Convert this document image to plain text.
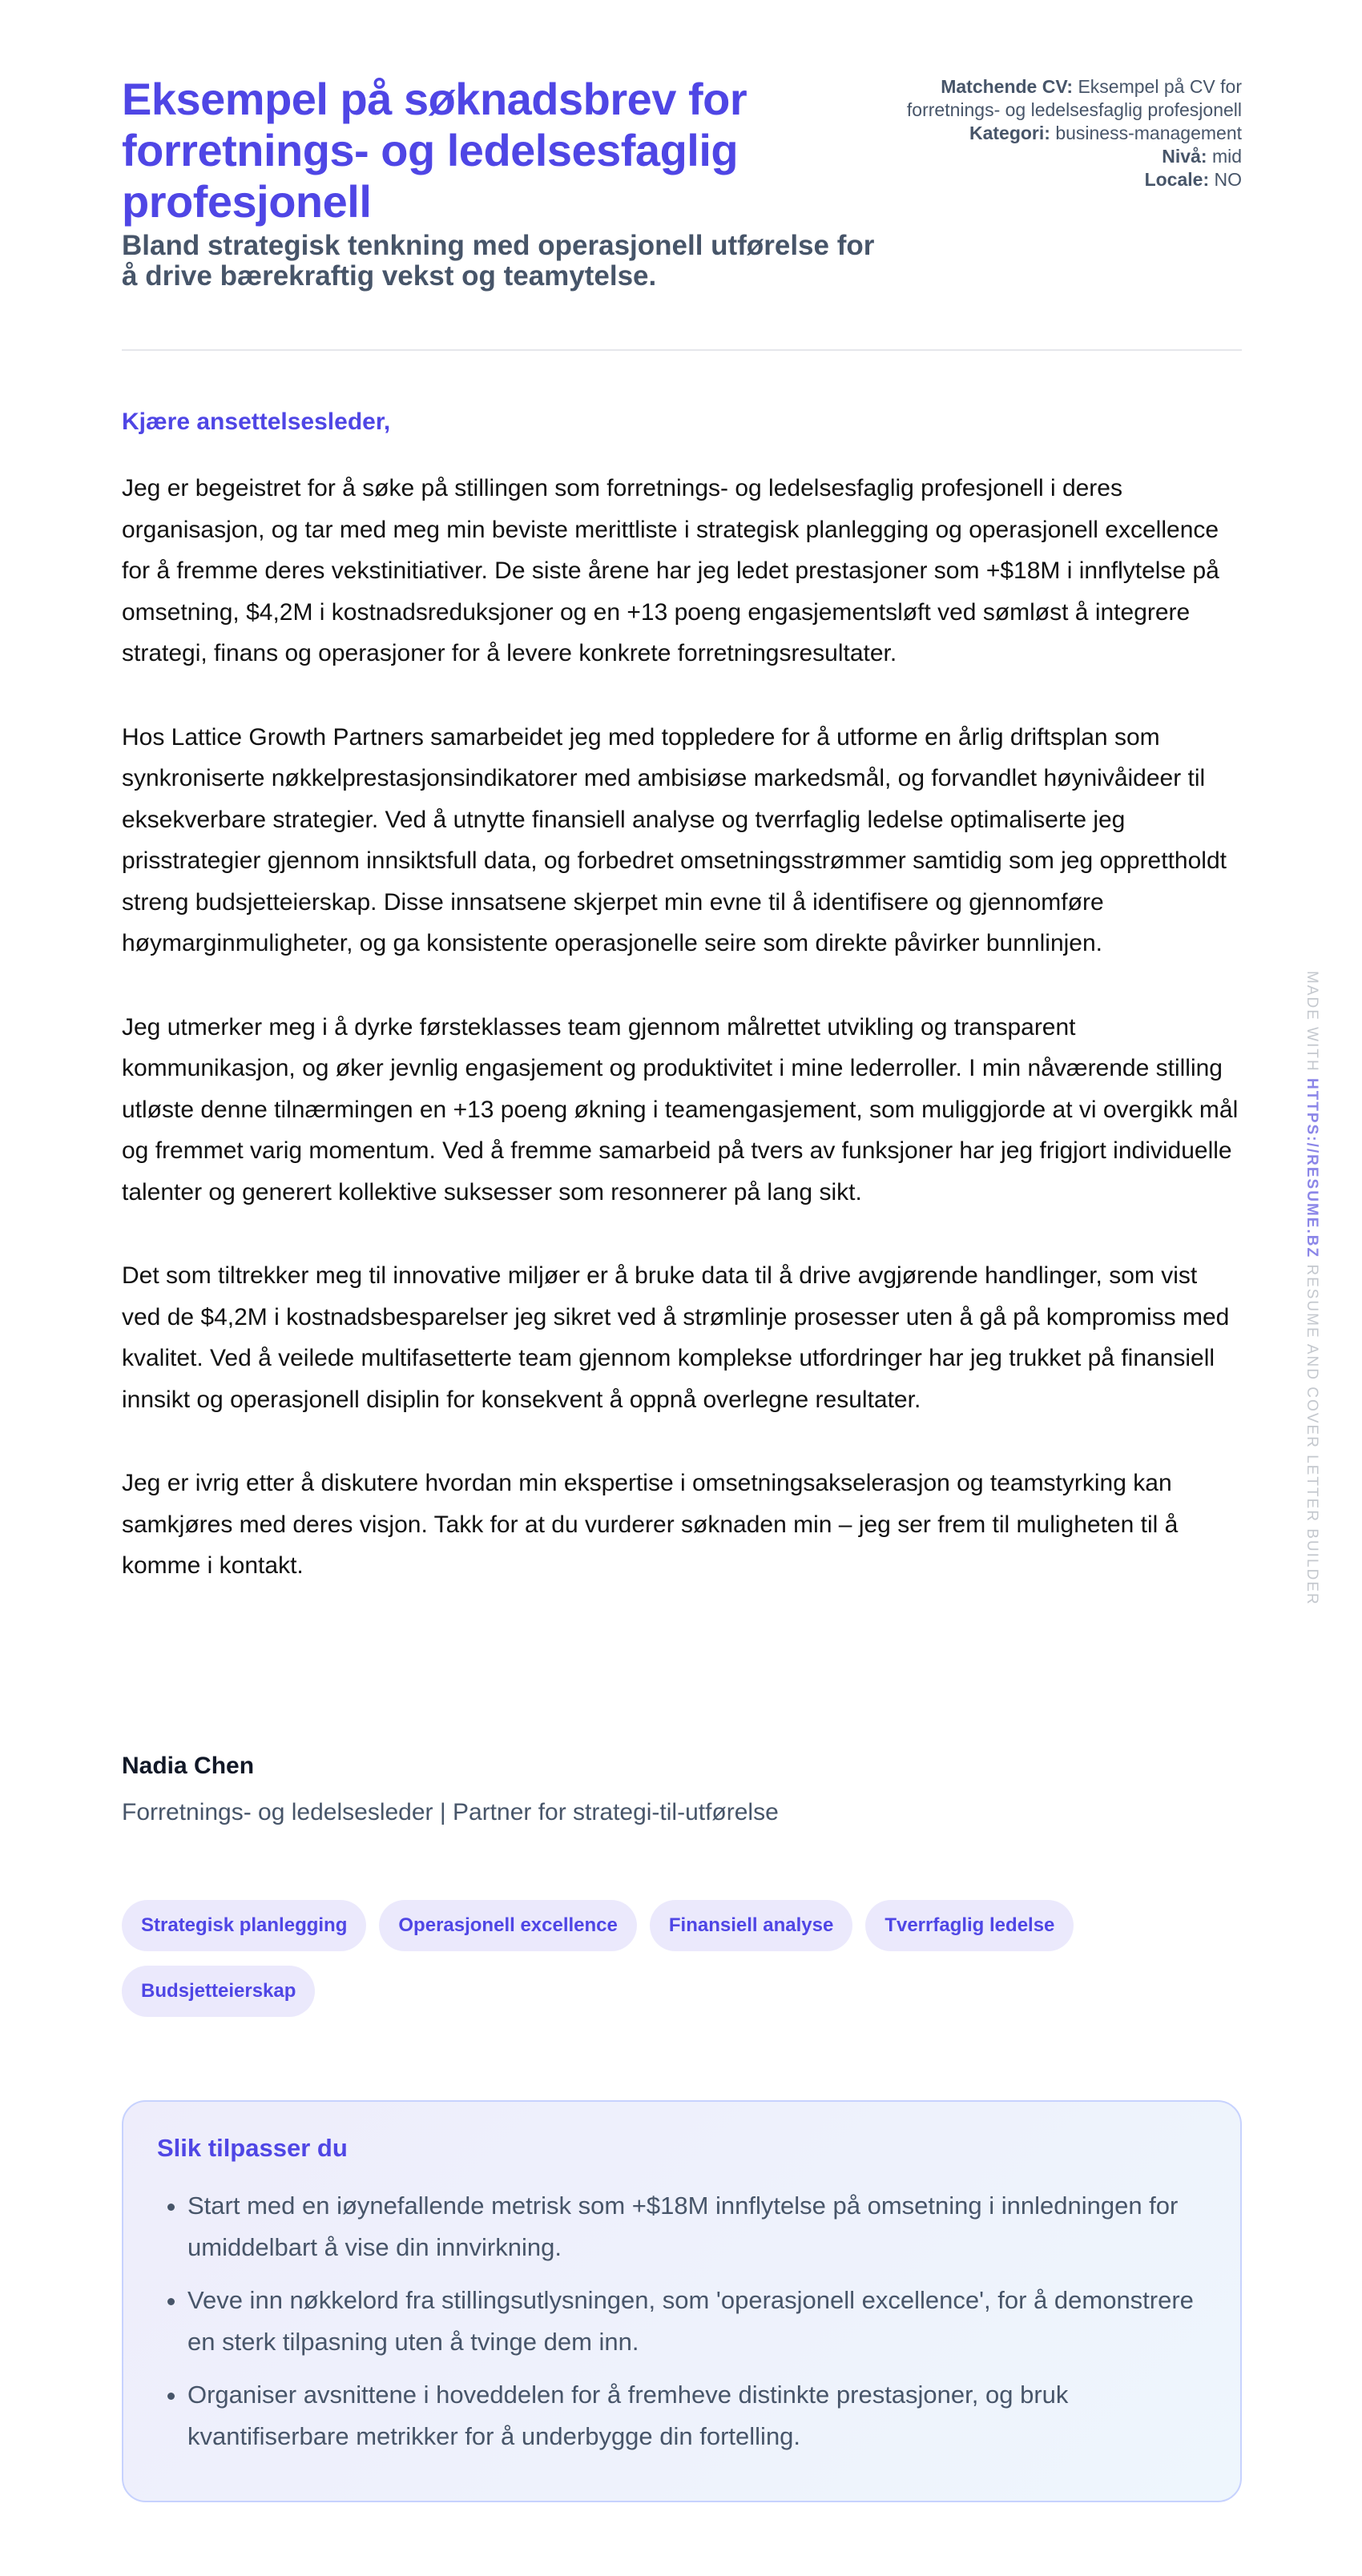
Eksempel på søknadsbrev for forretnings- og ledelsesfaglig profesjonell
Bland strategisk tenkning med operasjonell utførelse for å drive bærekraftig vekst og teamytelse.

Matchende CV: Eksempel på CV for forretnings- og ledelsesfaglig profesjonell

Kategori: business-management

Nivå: mid

Locale: NO

Kjære ansettelsesleder,

Jeg er begeistret for å søke på stillingen som forretnings- og ledelsesfaglig profesjonell i deres organisasjon, og tar med meg min beviste merittliste i strategisk planlegging og operasjonell excellence for å fremme deres vekstinitiativer. De siste årene har jeg ledet prestasjoner som +$18M i innflytelse på omsetning, $4,2M i kostnadsreduksjoner og en +13 poeng engasjementsløft ved sømløst å integrere strategi, finans og operasjoner for å levere konkrete forretningsresultater.

Hos Lattice Growth Partners samarbeidet jeg med toppledere for å utforme en årlig driftsplan som synkroniserte nøkkelprestasjonsindikatorer med ambisiøse markedsmål, og forvandlet høynivåideer til eksekverbare strategier. Ved å utnytte finansiell analyse og tverrfaglig ledelse optimaliserte jeg prisstrategier gjennom innsiktsfull data, og forbedret omsetningsstrømmer samtidig som jeg opprettholdt streng budsjetteierskap. Disse innsatsene skjerpet min evne til å identifisere og gjennomføre høymarginmuligheter, og ga konsistente operasjonelle seire som direkte påvirker bunnlinjen.

Jeg utmerker meg i å dyrke førsteklasses team gjennom målrettet utvikling og transparent kommunikasjon, og øker jevnlig engasjement og produktivitet i mine lederroller. I min nåværende stilling utløste denne tilnærmingen en +13 poeng økning i teamengasjement, som muliggjorde at vi overgikk mål og fremmet varig momentum. Ved å fremme samarbeid på tvers av funksjoner har jeg frigjort individuelle talenter og generert kollektive suksesser som resonnerer på lang sikt.

Det som tiltrekker meg til innovative miljøer er å bruke data til å drive avgjørende handlinger, som vist ved de $4,2M i kostnadsbesparelser jeg sikret ved å strømlinje prosesser uten å gå på kompromiss med kvalitet. Ved å veilede multifasetterte team gjennom komplekse utfordringer har jeg trukket på finansiell innsikt og operasjonell disiplin for konsekvent å oppnå overlegne resultater.

Jeg er ivrig etter å diskutere hvordan min ekspertise i omsetningsakselerasjon og teamstyrking kan samkjøres med deres visjon. Takk for at du vurderer søknaden min – jeg ser frem til muligheten til å komme i kontakt.

Nadia Chen
Forretnings- og ledelsesleder | Partner for strategi-til-utførelse
Strategisk planlegging	Operasjonell excellence	Finansiell analyse	Tverrfaglig ledelse
Budsjetteierskap
Slik tilpasser du
• Start med en iøynefallende metrisk som +$18M innflytelse på omsetning i innledningen for umiddelbart å vise din innvirkning.
• Veve inn nøkkelord fra stillingsutlysningen, som 'operasjonell excellence', for å demonstrere en sterk tilpasning uten å tvinge dem inn.
• Organiser avsnittene i hoveddelen for å fremheve distinkte prestasjoner, og bruk kvantifiserbare metrikker for å underbygge din fortelling.
MADE WITH HTTPS://RESUME.BZ RESUME AND COVER LETTER BUILDER
